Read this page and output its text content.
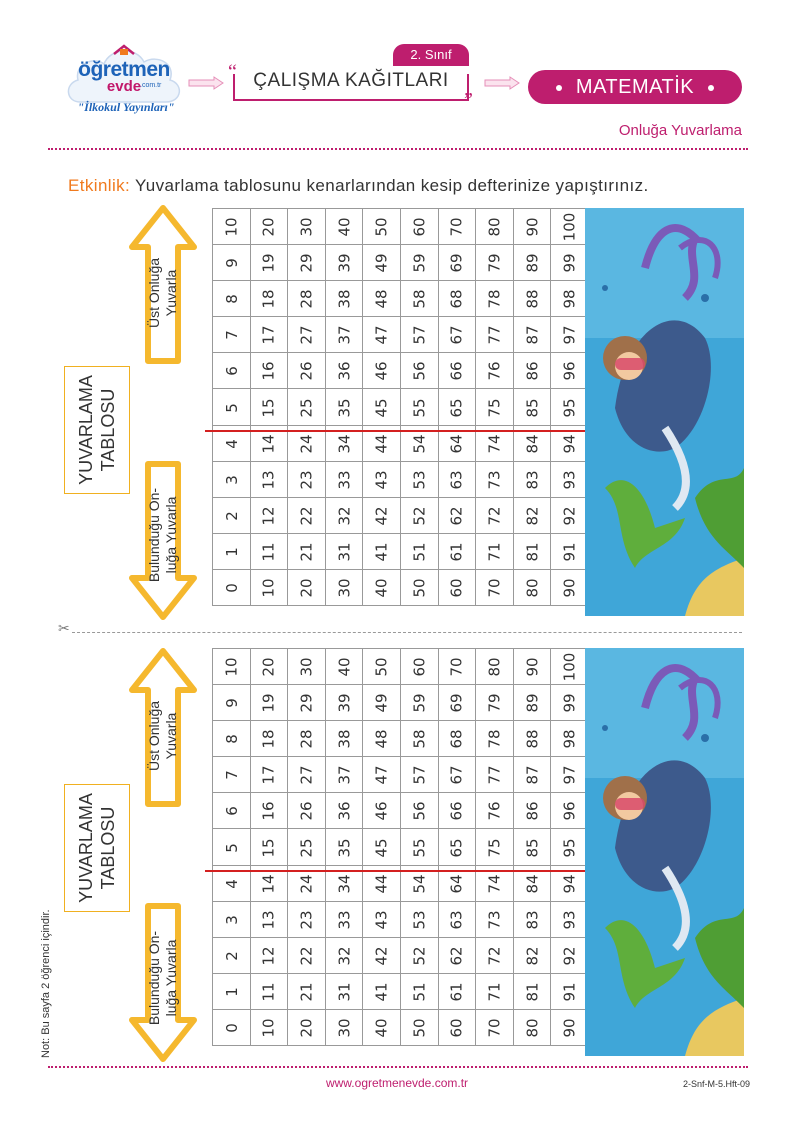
öğretmen
evde
.com.tr
"İlkokul Yayınları"
2. Sınıf
“
”
ÇALIŞMA KAĞITLARI	MATEMATİK
Onluğa Yuvarlama
Etkinlik: Yuvarlama tablosunu kenarlarından kesip defterinize yapıştırınız.
10	20	30	40	50	60	70	80	90	100
9	19	29	39	49	59	69	79	89	99
8	18	28	38	48	58	68	78	88	98
7	17	27	37	47	57	67	77	87	97
6	16	26	36	46	56	66	76	86	96
5	15	25	35	45	55	65	75	85	95
4	14	24	34	44	54	64	74	84	94
3	13	23	33	43	53	63	73	83	93
2	12	22	32	42	52	62	72	82	92
1	11	21	31	41	51	61	71	81	91
0	10	20	30	40	50	60	70	80	90
YUVARLAMA TABLOSU
Üst Onluğa
Yuvarla
Bulunduğu On-
luğa Yuvarla
✂
10	20	30	40	50	60	70	80	90	100
9	19	29	39	49	59	69	79	89	99
8	18	28	38	48	58	68	78	88	98
7	17	27	37	47	57	67	77	87	97
6	16	26	36	46	56	66	76	86	96
5	15	25	35	45	55	65	75	85	95
4	14	24	34	44	54	64	74	84	94
3	13	23	33	43	53	63	73	83	93
2	12	22	32	42	52	62	72	82	92
1	11	21	31	41	51	61	71	81	91
0	10	20	30	40	50	60	70	80	90
YUVARLAMA TABLOSU
Üst Onluğa
Yuvarla
Bulunduğu On-
luğa Yuvarla
Not: Bu sayfa 2 öğrenci içindir.
www.ogretmenevde.com.tr	2-Snf-M-5.Hft-09
